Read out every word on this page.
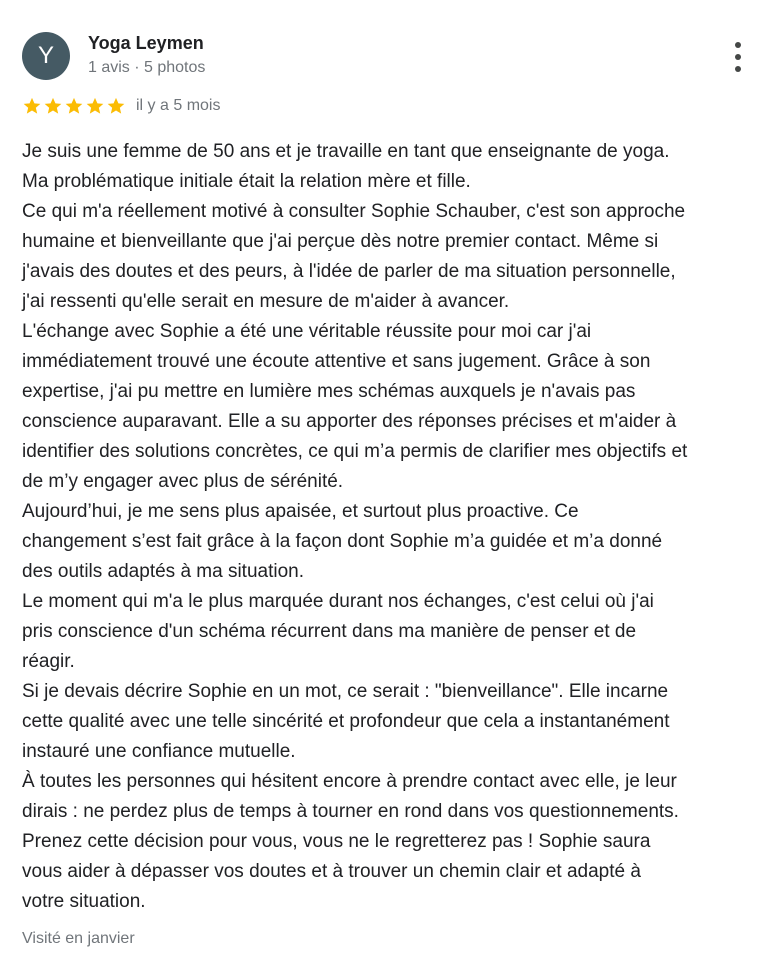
Y	Yoga Leymen
1 avis · 5 photos
il y a 5 mois

Je suis une femme de 50 ans et je travaille en tant que enseignante de yoga.

Ma problématique initiale était la relation mère et fille.

Ce qui m'a réellement motivé à consulter Sophie Schauber, c'est son approche

humaine et bienveillante que j'ai perçue dès notre premier contact. Même si

j'avais des doutes et des peurs, à l'idée de parler de ma situation personnelle,

j'ai ressenti qu'elle serait en mesure de m'aider à avancer.

L'échange avec Sophie a été une véritable réussite pour moi car j'ai

immédiatement trouvé une écoute attentive et sans jugement. Grâce à son

expertise, j'ai pu mettre en lumière mes schémas auxquels je n'avais pas

conscience auparavant. Elle a su apporter des réponses précises et m'aider à

identifier des solutions concrètes, ce qui m’a permis de clarifier mes objectifs et

de m’y engager avec plus de sérénité.

Aujourd’hui, je me sens plus apaisée, et surtout plus proactive. Ce

changement s’est fait grâce à la façon dont Sophie m’a guidée et m’a donné

des outils adaptés à ma situation.

Le moment qui m'a le plus marquée durant nos échanges, c'est celui où j'ai

pris conscience d'un schéma récurrent dans ma manière de penser et de

réagir.

Si je devais décrire Sophie en un mot, ce serait : "bienveillance". Elle incarne

cette qualité avec une telle sincérité et profondeur que cela a instantanément

instauré une confiance mutuelle.

À toutes les personnes qui hésitent encore à prendre contact avec elle, je leur

dirais : ne perdez plus de temps à tourner en rond dans vos questionnements.

Prenez cette décision pour vous, vous ne le regretterez pas ! Sophie saura

vous aider à dépasser vos doutes et à trouver un chemin clair et adapté à

votre situation.

Visité en janvier
